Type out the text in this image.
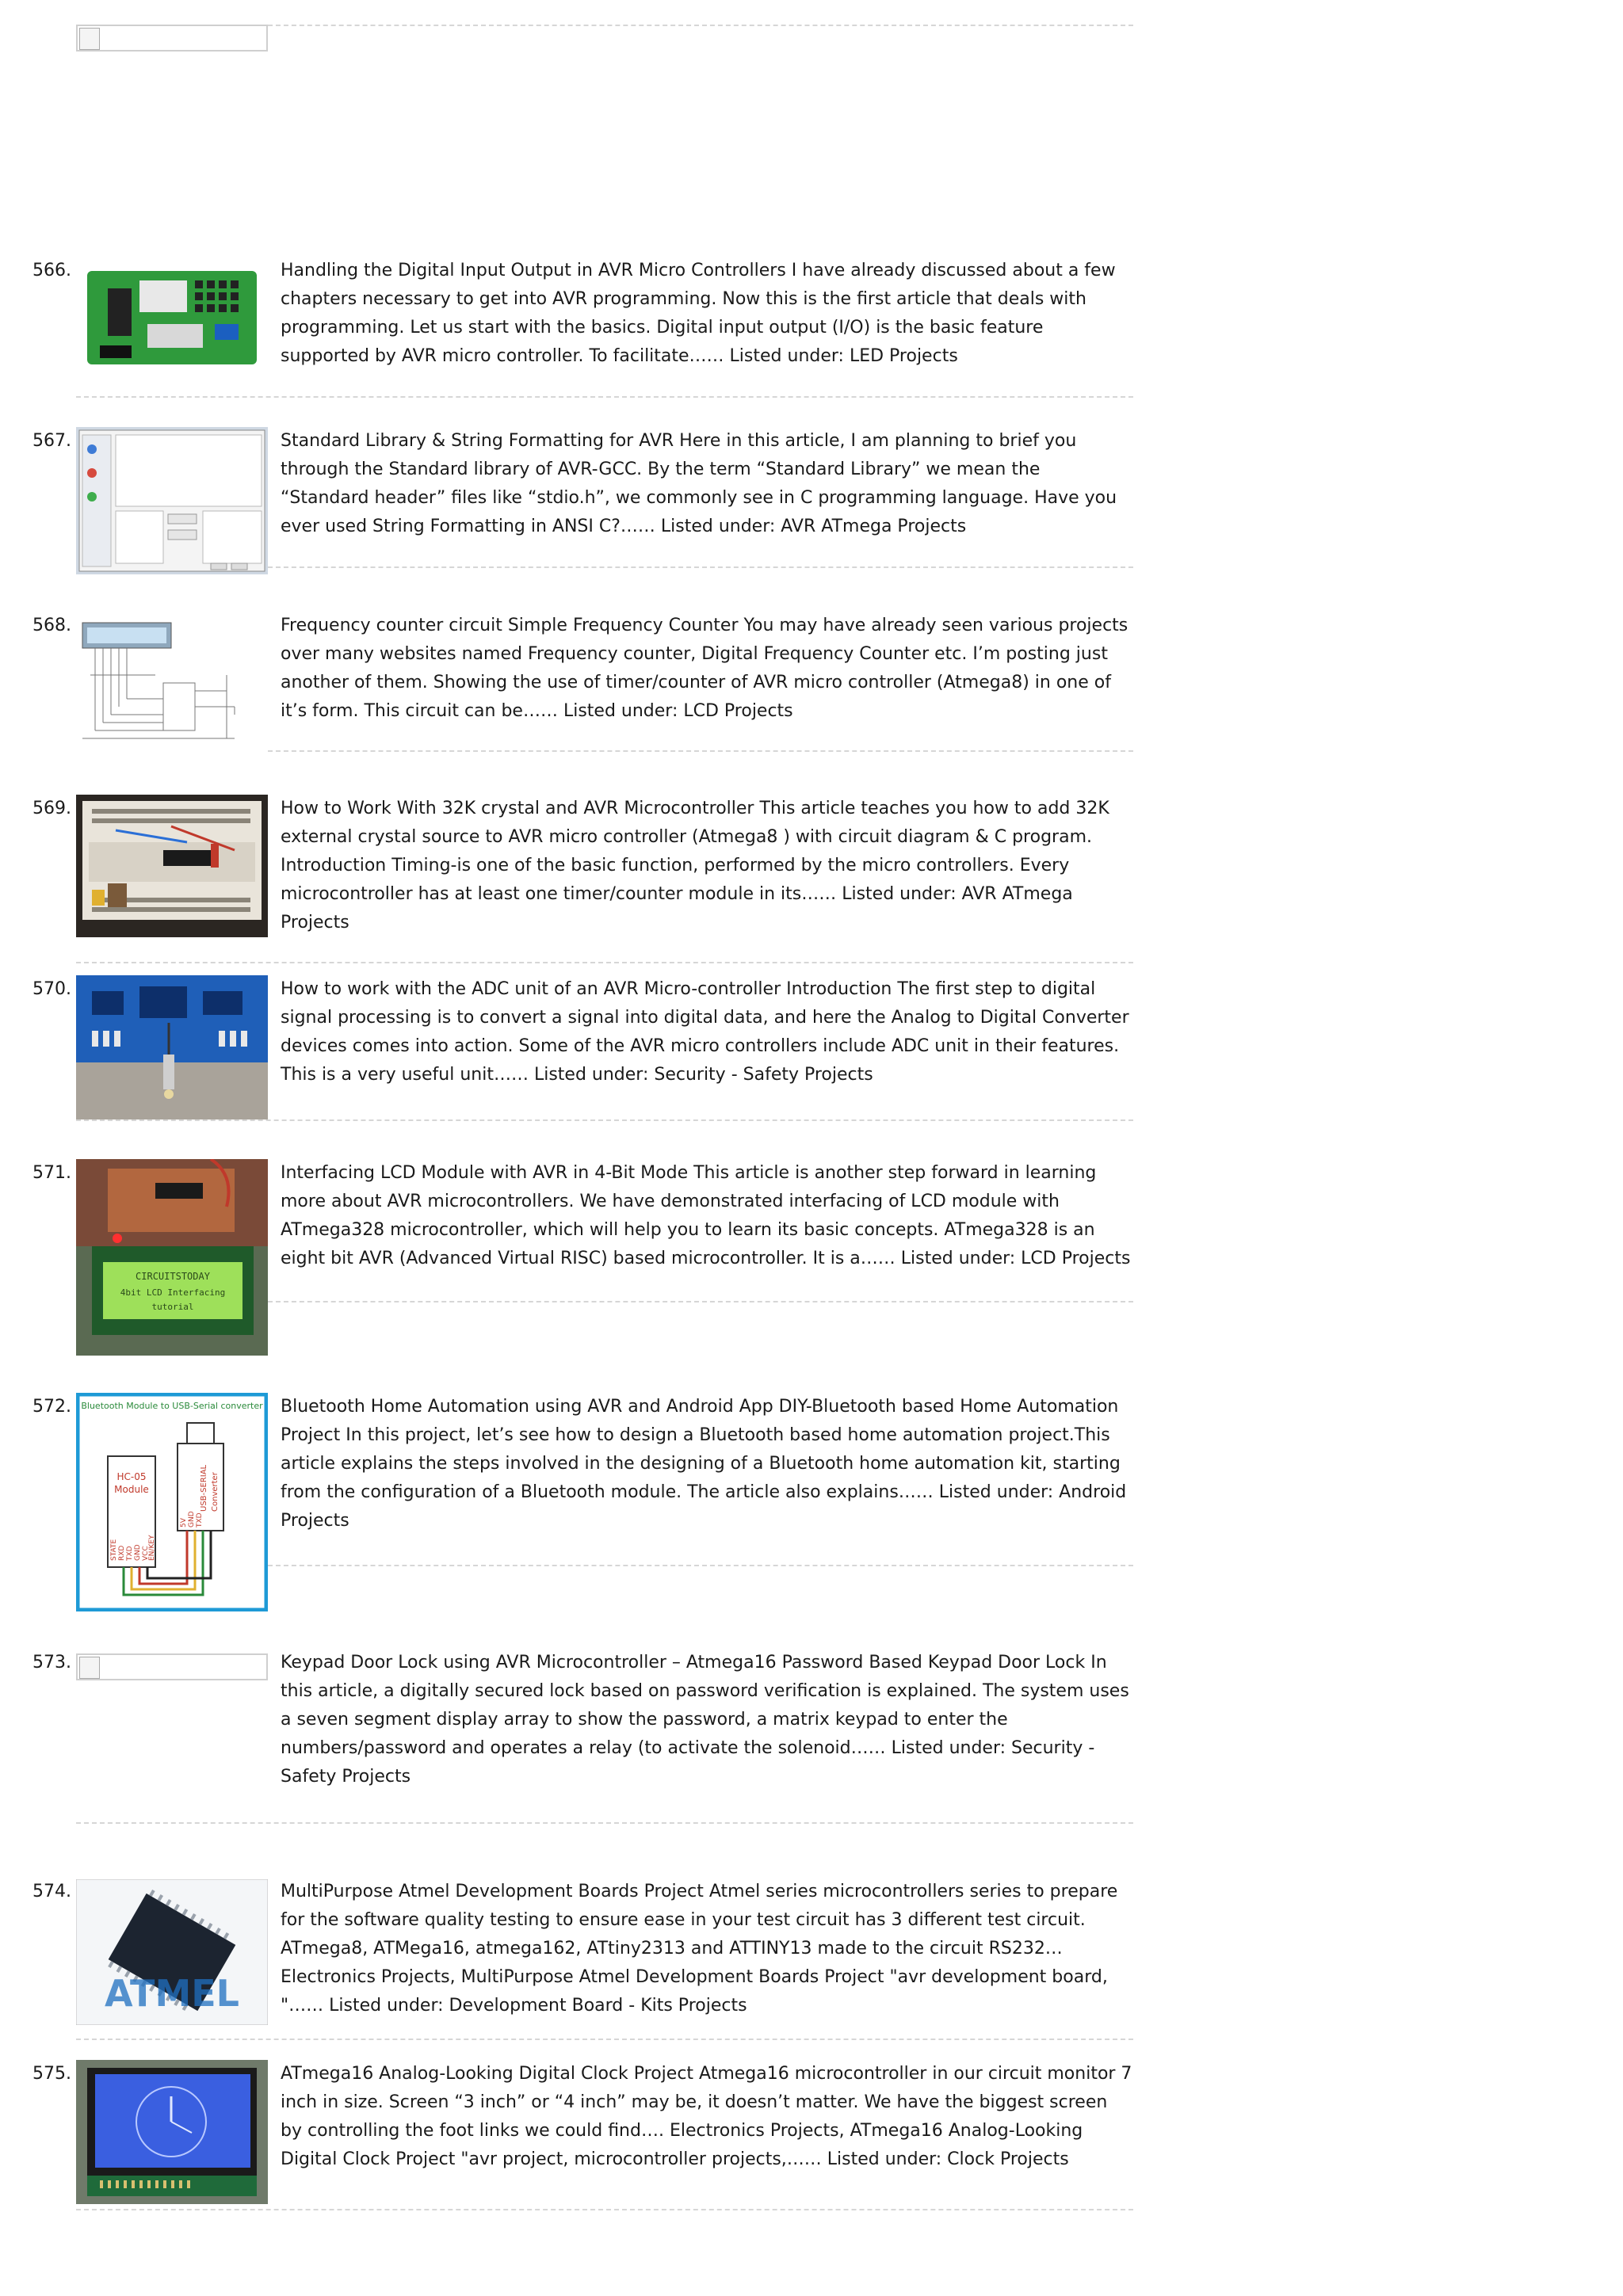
566.	Handling the Digital Input Output in AVR Micro Controllers I have already discussed about a few chapters necessary to get into AVR programming. Now this is the first article that deals with programming. Let us start with the basics. Digital input output (I/O) is the basic feature supported by AVR micro controller. To facilitate…… Listed under: LED Projects

567.	Standard Library & String Formatting for AVR Here in this article, I am planning to brief you through the Standard library of AVR-GCC. By the term “Standard Library” we mean the “Standard header” files like “stdio.h”, we commonly see in C programming language. Have you ever used String Formatting in ANSI C?…… Listed under: AVR ATmega Projects

568.	Frequency counter circuit Simple Frequency Counter You may have already seen various projects over many websites named Frequency counter, Digital Frequency Counter etc. I’m posting just another of them. Showing the use of timer/counter of AVR micro controller (Atmega8) in one of it’s form. This circuit can be…… Listed under: LCD Projects

569.	How to Work With 32K crystal and AVR Microcontroller This article teaches you how to add 32K external crystal source to AVR micro controller (Atmega8 ) with circuit diagram & C program. Introduction Timing-is one of the basic function, performed by the micro controllers. Every microcontroller has at least one timer/counter module in its…… Listed under: AVR ATmega Projects

570.	How to work with the ADC unit of an AVR Micro-controller Introduction The first step to digital signal processing is to convert a signal into digital data, and here the Analog to Digital Converter devices comes into action. Some of the AVR micro controllers include ADC unit in their features. This is a very useful unit…… Listed under: Security - Safety Projects

571.
CIRCUITSTODAY
4bit LCD Interfacing
tutorial

Interfacing LCD Module with AVR in 4-Bit Mode This article is another step forward in learning more about AVR microcontrollers. We have demonstrated interfacing of LCD module with ATmega328 microcontroller, which will help you to learn its basic concepts. ATmega328 is an eight bit AVR (Advanced Virtual RISC) based microcontroller. It is a…… Listed under: LCD Projects

572. Bluetooth Module to USB-Serial converter
HC-05
Module
STATE RXD TXD GND VCC
EN/KEY
USB-SERIAL Converter
5V GND TXD

Bluetooth Home Automation using AVR and Android App DIY-Bluetooth based Home Automation Project In this project, let’s see how to design a Bluetooth based home automation project.This article explains the steps involved in the designing of a Bluetooth home automation kit, starting from the configuration of a Bluetooth module. The article also explains…… Listed under: Android Projects

573.	Keypad Door Lock using AVR Microcontroller – Atmega16 Password Based Keypad Door Lock In this article, a digitally secured lock based on password verification is explained. The system uses a seven segment display array to show the password, a matrix keypad to enter the numbers/password and operates a relay (to activate the solenoid…… Listed under: Security - Safety Projects

574.
ATMEL

MultiPurpose Atmel Development Boards Project Atmel series microcontrollers series to prepare for the software quality testing to ensure ease in your test circuit has 3 different test circuit. ATmega8, ATMega16, atmega162, ATtiny2313 and ATTINY13 made to the circuit RS232… Electronics Projects, MultiPurpose Atmel Development Boards Project "avr development board, "…… Listed under: Development Board - Kits Projects

575.	ATmega16 Analog-Looking Digital Clock Project Atmega16 microcontroller in our circuit monitor 7 inch in size. Screen “3 inch” or “4 inch” may be, it doesn’t matter. We have the biggest screen by controlling the foot links we could find…. Electronics Projects, ATmega16 Analog-Looking Digital Clock Project "avr project, microcontroller projects,…… Listed under: Clock Projects
